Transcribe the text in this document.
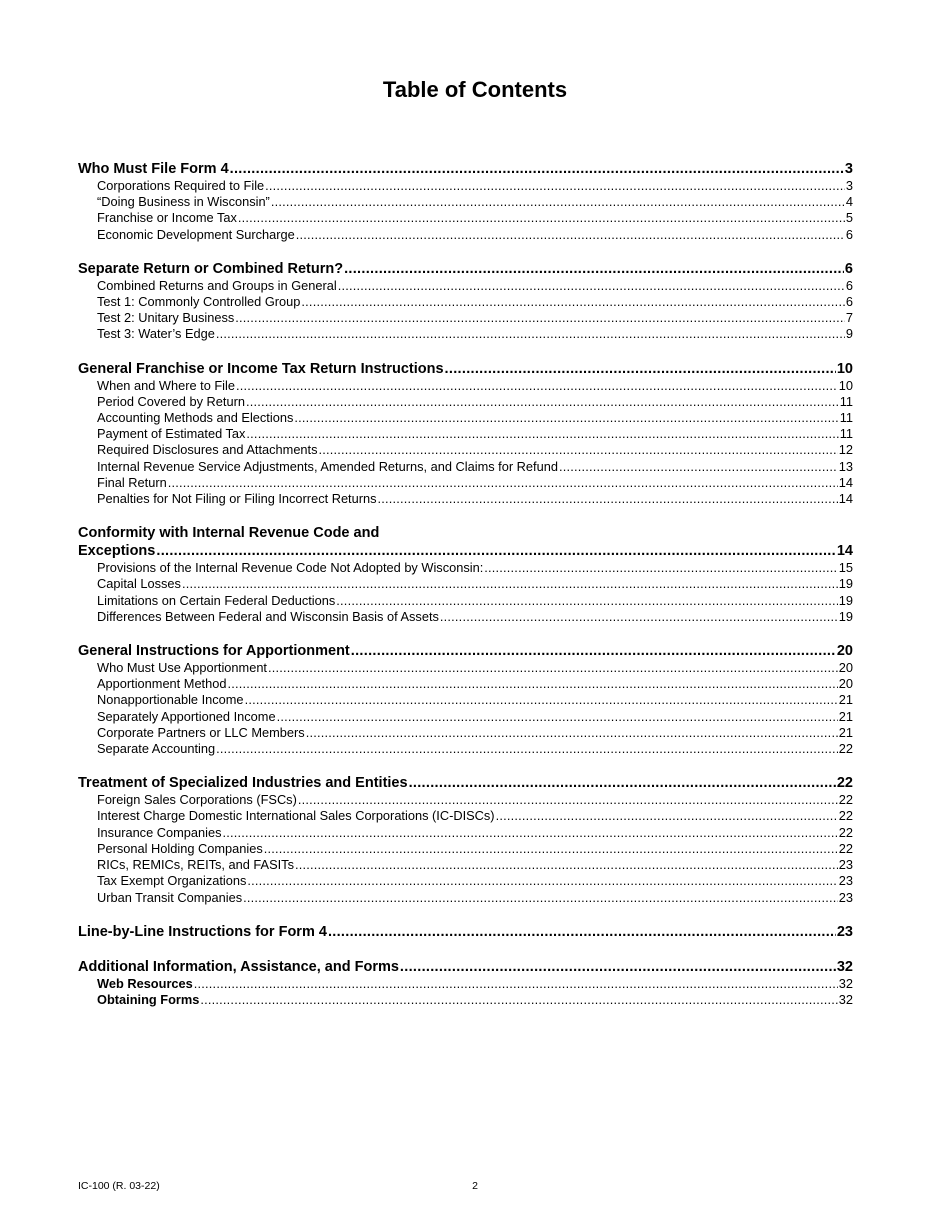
Table of Contents
Who Must File Form 4 .....	3
Corporations Required to File .....	3
“Doing Business in Wisconsin” .....	4
Franchise or Income Tax .....	5
Economic Development Surcharge .....	6
Separate Return or Combined Return? .....	6
Combined Returns and Groups in General .....	6
Test 1: Commonly Controlled Group .....	6
Test 2: Unitary Business .....	7
Test 3: Water’s Edge .....	9
General Franchise or Income Tax Return Instructions .....	10
When and Where to File .....	10
Period Covered by Return .....	11
Accounting Methods and Elections .....	11
Payment of Estimated Tax .....	11
Required Disclosures and Attachments .....	12
Internal Revenue Service Adjustments, Amended Returns, and Claims for Refund .....	13
Final Return .....	14
Penalties for Not Filing or Filing Incorrect Returns .....	14
Conformity with Internal Revenue Code and
Exceptions .....	14
Provisions of the Internal Revenue Code Not Adopted by Wisconsin: .....	15
Capital Losses .....	19
Limitations on Certain Federal Deductions .....	19
Differences Between Federal and Wisconsin Basis of Assets .....	19
General Instructions for Apportionment .....	20
Who Must Use Apportionment .....	20
Apportionment Method .....	20
Nonapportionable Income .....	21
Separately Apportioned Income .....	21
Corporate Partners or LLC Members .....	21
Separate Accounting .....	22
Treatment of Specialized Industries and Entities .....	22
Foreign Sales Corporations (FSCs) .....	22
Interest Charge Domestic International Sales Corporations (IC-DISCs) .....	22
Insurance Companies .....	22
Personal Holding Companies .....	22
RICs, REMICs, REITs, and FASITs .....	23
Tax Exempt Organizations .....	23
Urban Transit Companies .....	23
Line-by-Line Instructions for Form 4 .....	23
Additional Information, Assistance, and Forms .....	32
Web Resources .....	32
Obtaining Forms .....	32
IC-100 (R. 03-22)	2
